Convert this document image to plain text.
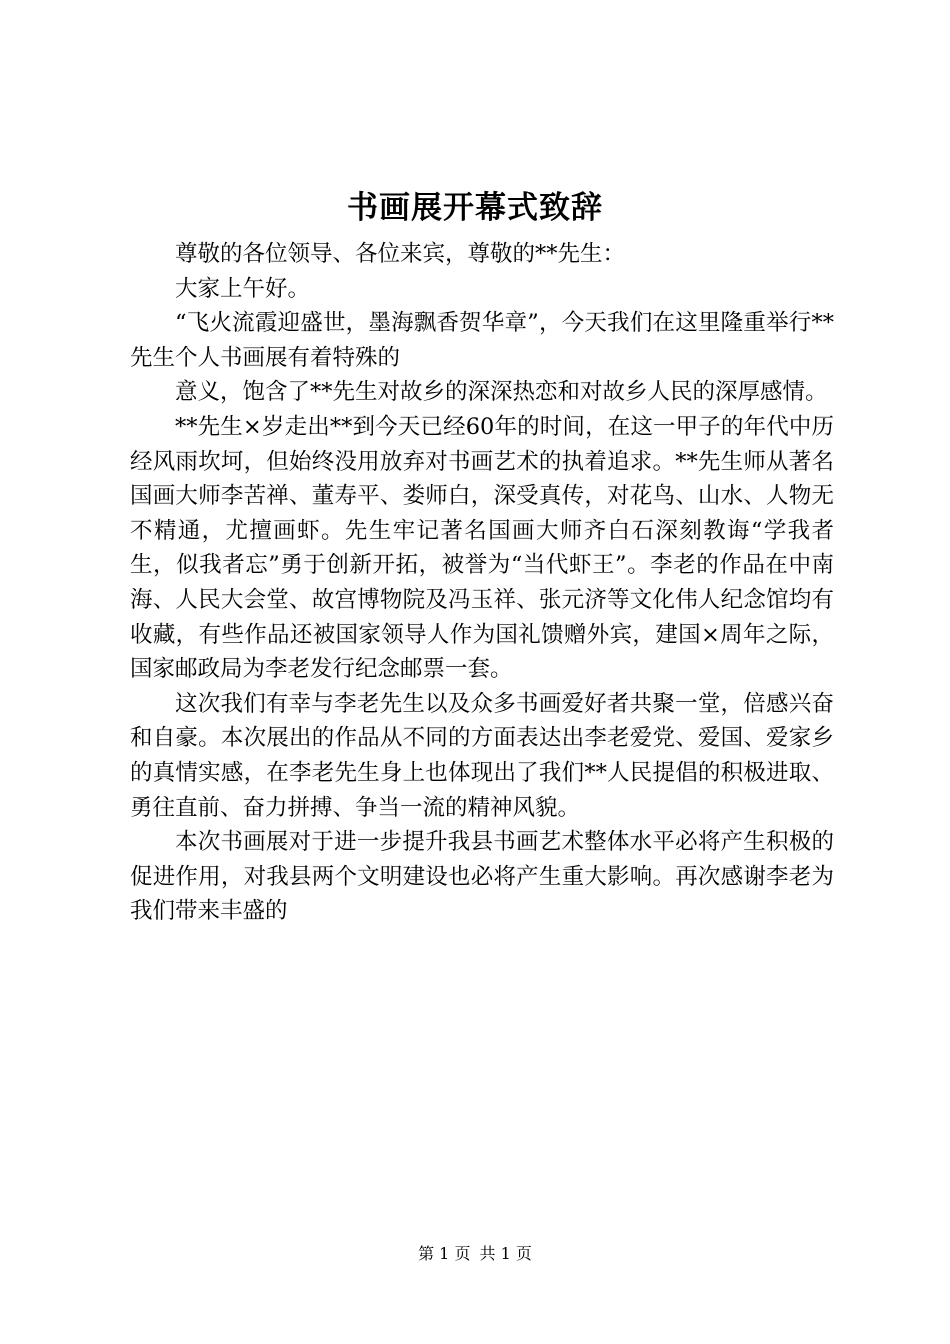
书画展开幕式致辞

尊敬的各位领导、各位来宾，尊敬的**先生：

大家上午好。

“飞火流霞迎盛世，墨海飘香贺华章”，今天我们在这里隆重举行**先生个人书画展有着特殊的

意义，饱含了**先生对故乡的深深热恋和对故乡人民的深厚感情。

**先生×岁走出**到今天已经60年的时间，在这一甲子的年代中历经风雨坎坷，但始终没用放弃对书画艺术的执着追求。**先生师从著名国画大师李苦禅、董寿平、娄师白，深受真传，对花鸟、山水、人物无不精通，尤擅画虾。先生牢记著名国画大师齐白石深刻教诲“学我者生，似我者忘”勇于创新开拓，被誉为“当代虾王”。李老的作品在中南海、人民大会堂、故宫博物院及冯玉祥、张元济等文化伟人纪念馆均有收藏，有些作品还被国家领导人作为国礼馈赠外宾，建国×周年之际，国家邮政局为李老发行纪念邮票一套。

这次我们有幸与李老先生以及众多书画爱好者共聚一堂，倍感兴奋和自豪。本次展出的作品从不同的方面表达出李老爱党、爱国、爱家乡的真情实感，在李老先生身上也体现出了我们**人民提倡的积极进取、勇往直前、奋力拼搏、争当一流的精神风貌。

本次书画展对于进一步提升我县书画艺术整体水平必将产生积极的促进作用，对我县两个文明建设也必将产生重大影响。再次感谢李老为我们带来丰盛的

第 1 页 共 1 页
